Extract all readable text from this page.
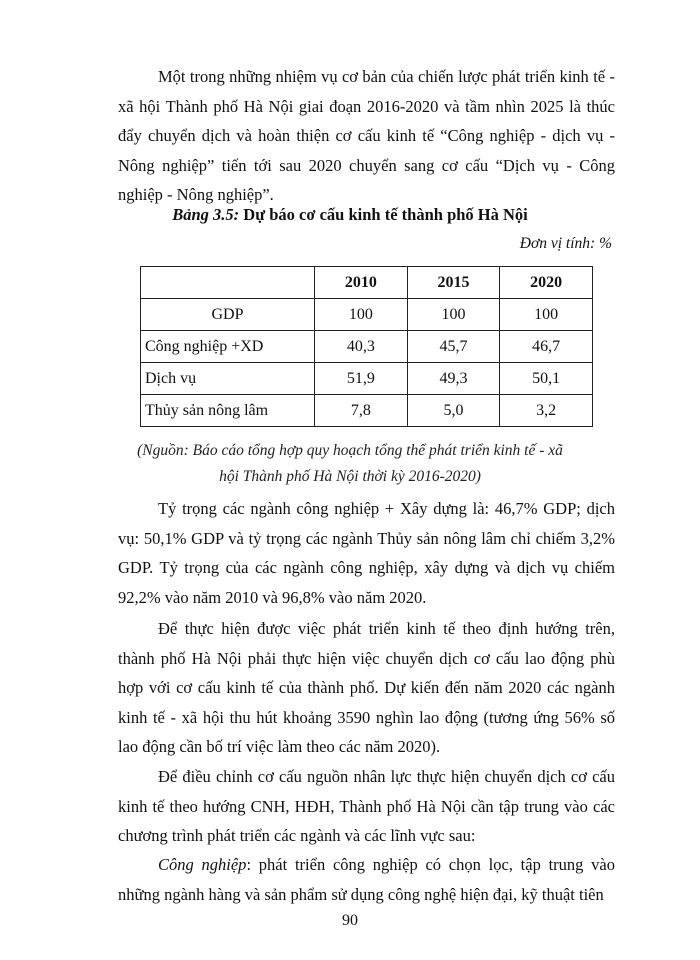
Một trong những nhiệm vụ cơ bản của chiến lược phát triển kinh tế - xã hội Thành phố Hà Nội giai đoạn 2016-2020 và tầm nhìn 2025 là thúc đẩy chuyển dịch và hoàn thiện cơ cấu kinh tế “Công nghiệp - dịch vụ - Nông nghiệp” tiến tới sau 2020 chuyển sang cơ cấu “Dịch vụ - Công nghiệp - Nông nghiệp”.

Bảng 3.5: Dự báo cơ cấu kinh tế thành phố Hà Nội
Đơn vị tính: %
	2010	2015	2020
GDP	100	100	100
Công nghiệp +XD	40,3	45,7	46,7
Dịch vụ	51,9	49,3	50,1
Thủy sản nông lâm	7,8	5,0	3,2
(Nguồn: Báo cáo tổng hợp quy hoạch tổng thể phát triển kinh tế - xã
hội Thành phố Hà Nội thời kỳ 2016-2020)

Tỷ trọng các ngành công nghiệp + Xây dựng là: 46,7% GDP; dịch vụ: 50,1% GDP và tỷ trọng các ngành Thủy sản nông lâm chỉ chiếm 3,2% GDP. Tỷ trọng của các ngành công nghiệp, xây dựng và dịch vụ chiếm 92,2% vào năm 2010 và 96,8% vào năm 2020.

Để thực hiện được việc phát triển kinh tế theo định hướng trên, thành phố Hà Nội phải thực hiện việc chuyển dịch cơ cấu lao động phù hợp với cơ cấu kinh tế của thành phố. Dự kiến đến năm 2020 các ngành kinh tế - xã hội thu hút khoảng 3590 nghìn lao động (tương ứng 56% số lao động cần bố trí việc làm theo các năm 2020).

Để điều chỉnh cơ cấu nguồn nhân lực thực hiện chuyển dịch cơ cấu kinh tế theo hướng CNH, HĐH, Thành phố Hà Nội cần tập trung vào các chương trình phát triển các ngành và các lĩnh vực sau:

Công nghiệp: phát triển công nghiệp có chọn lọc, tập trung vào những ngành hàng và sản phẩm sử dụng công nghệ hiện đại, kỹ thuật tiên

90
